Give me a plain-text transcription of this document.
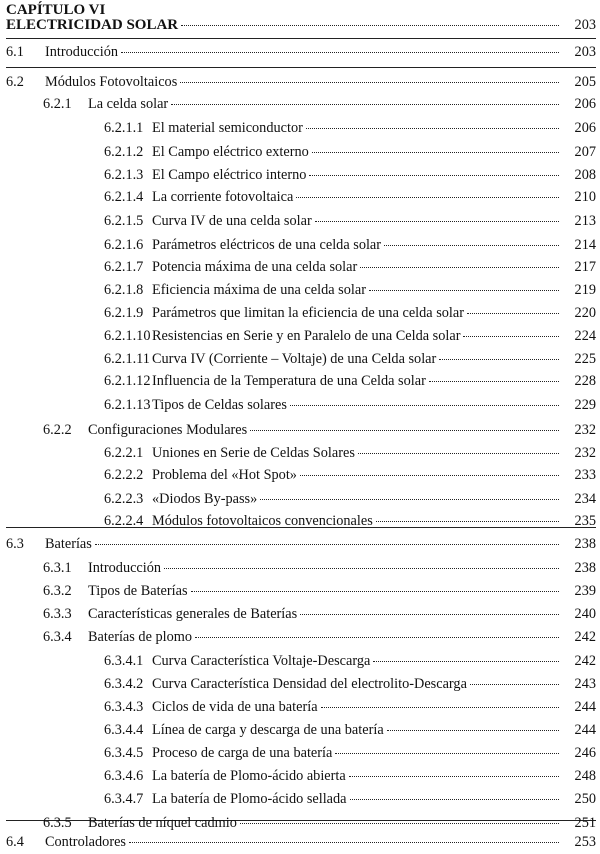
CAPÍTULO VI
ELECTRICIDAD SOLAR	203
6.1	Introducción	203
6.2	Módulos Fotovoltaicos	205
6.2.1	La celda solar	206
6.2.1.1 El material semiconductor	206
6.2.1.2 El Campo eléctrico externo	207
6.2.1.3 El Campo eléctrico interno	208
6.2.1.4 La corriente fotovoltaica	210
6.2.1.5 Curva IV de una celda solar	213
6.2.1.6 Parámetros eléctricos de una celda solar	214
6.2.1.7 Potencia máxima de una celda solar	217
6.2.1.8 Eficiencia máxima de una celda solar	219
6.2.1.9 Parámetros que limitan la eficiencia de una celda solar	220
6.2.1.10 Resistencias en Serie y en Paralelo de una Celda solar	224
6.2.1.11 Curva IV (Corriente – Voltaje) de una Celda solar	225
6.2.1.12 Influencia de la Temperatura de una Celda solar	228
6.2.1.13 Tipos de Celdas solares	229
6.2.2	Configuraciones Modulares	232
6.2.2.1 Uniones en Serie de Celdas Solares	232
6.2.2.2 Problema del «Hot Spot»	233
6.2.2.3 «Diodos By-pass»	234
6.2.2.4 Módulos fotovoltaicos convencionales	235
6.3	Baterías	238
6.3.1	Introducción	238
6.3.2	Tipos de Baterías	239
6.3.3	Características generales de Baterías	240
6.3.4	Baterías de plomo	242
6.3.4.1 Curva Característica Voltaje-Descarga	242
6.3.4.2 Curva Característica Densidad del electrolito-Descarga	243
6.3.4.3 Ciclos de vida de una batería	244
6.3.4.4 Línea de carga y descarga de una batería	244
6.3.4.5 Proceso de carga de una batería	246
6.3.4.6 La batería de Plomo-ácido abierta	248
6.3.4.7 La batería de Plomo-ácido sellada	250
6.3.5	Baterías de níquel cadmio	251
6.4	Controladores	253
